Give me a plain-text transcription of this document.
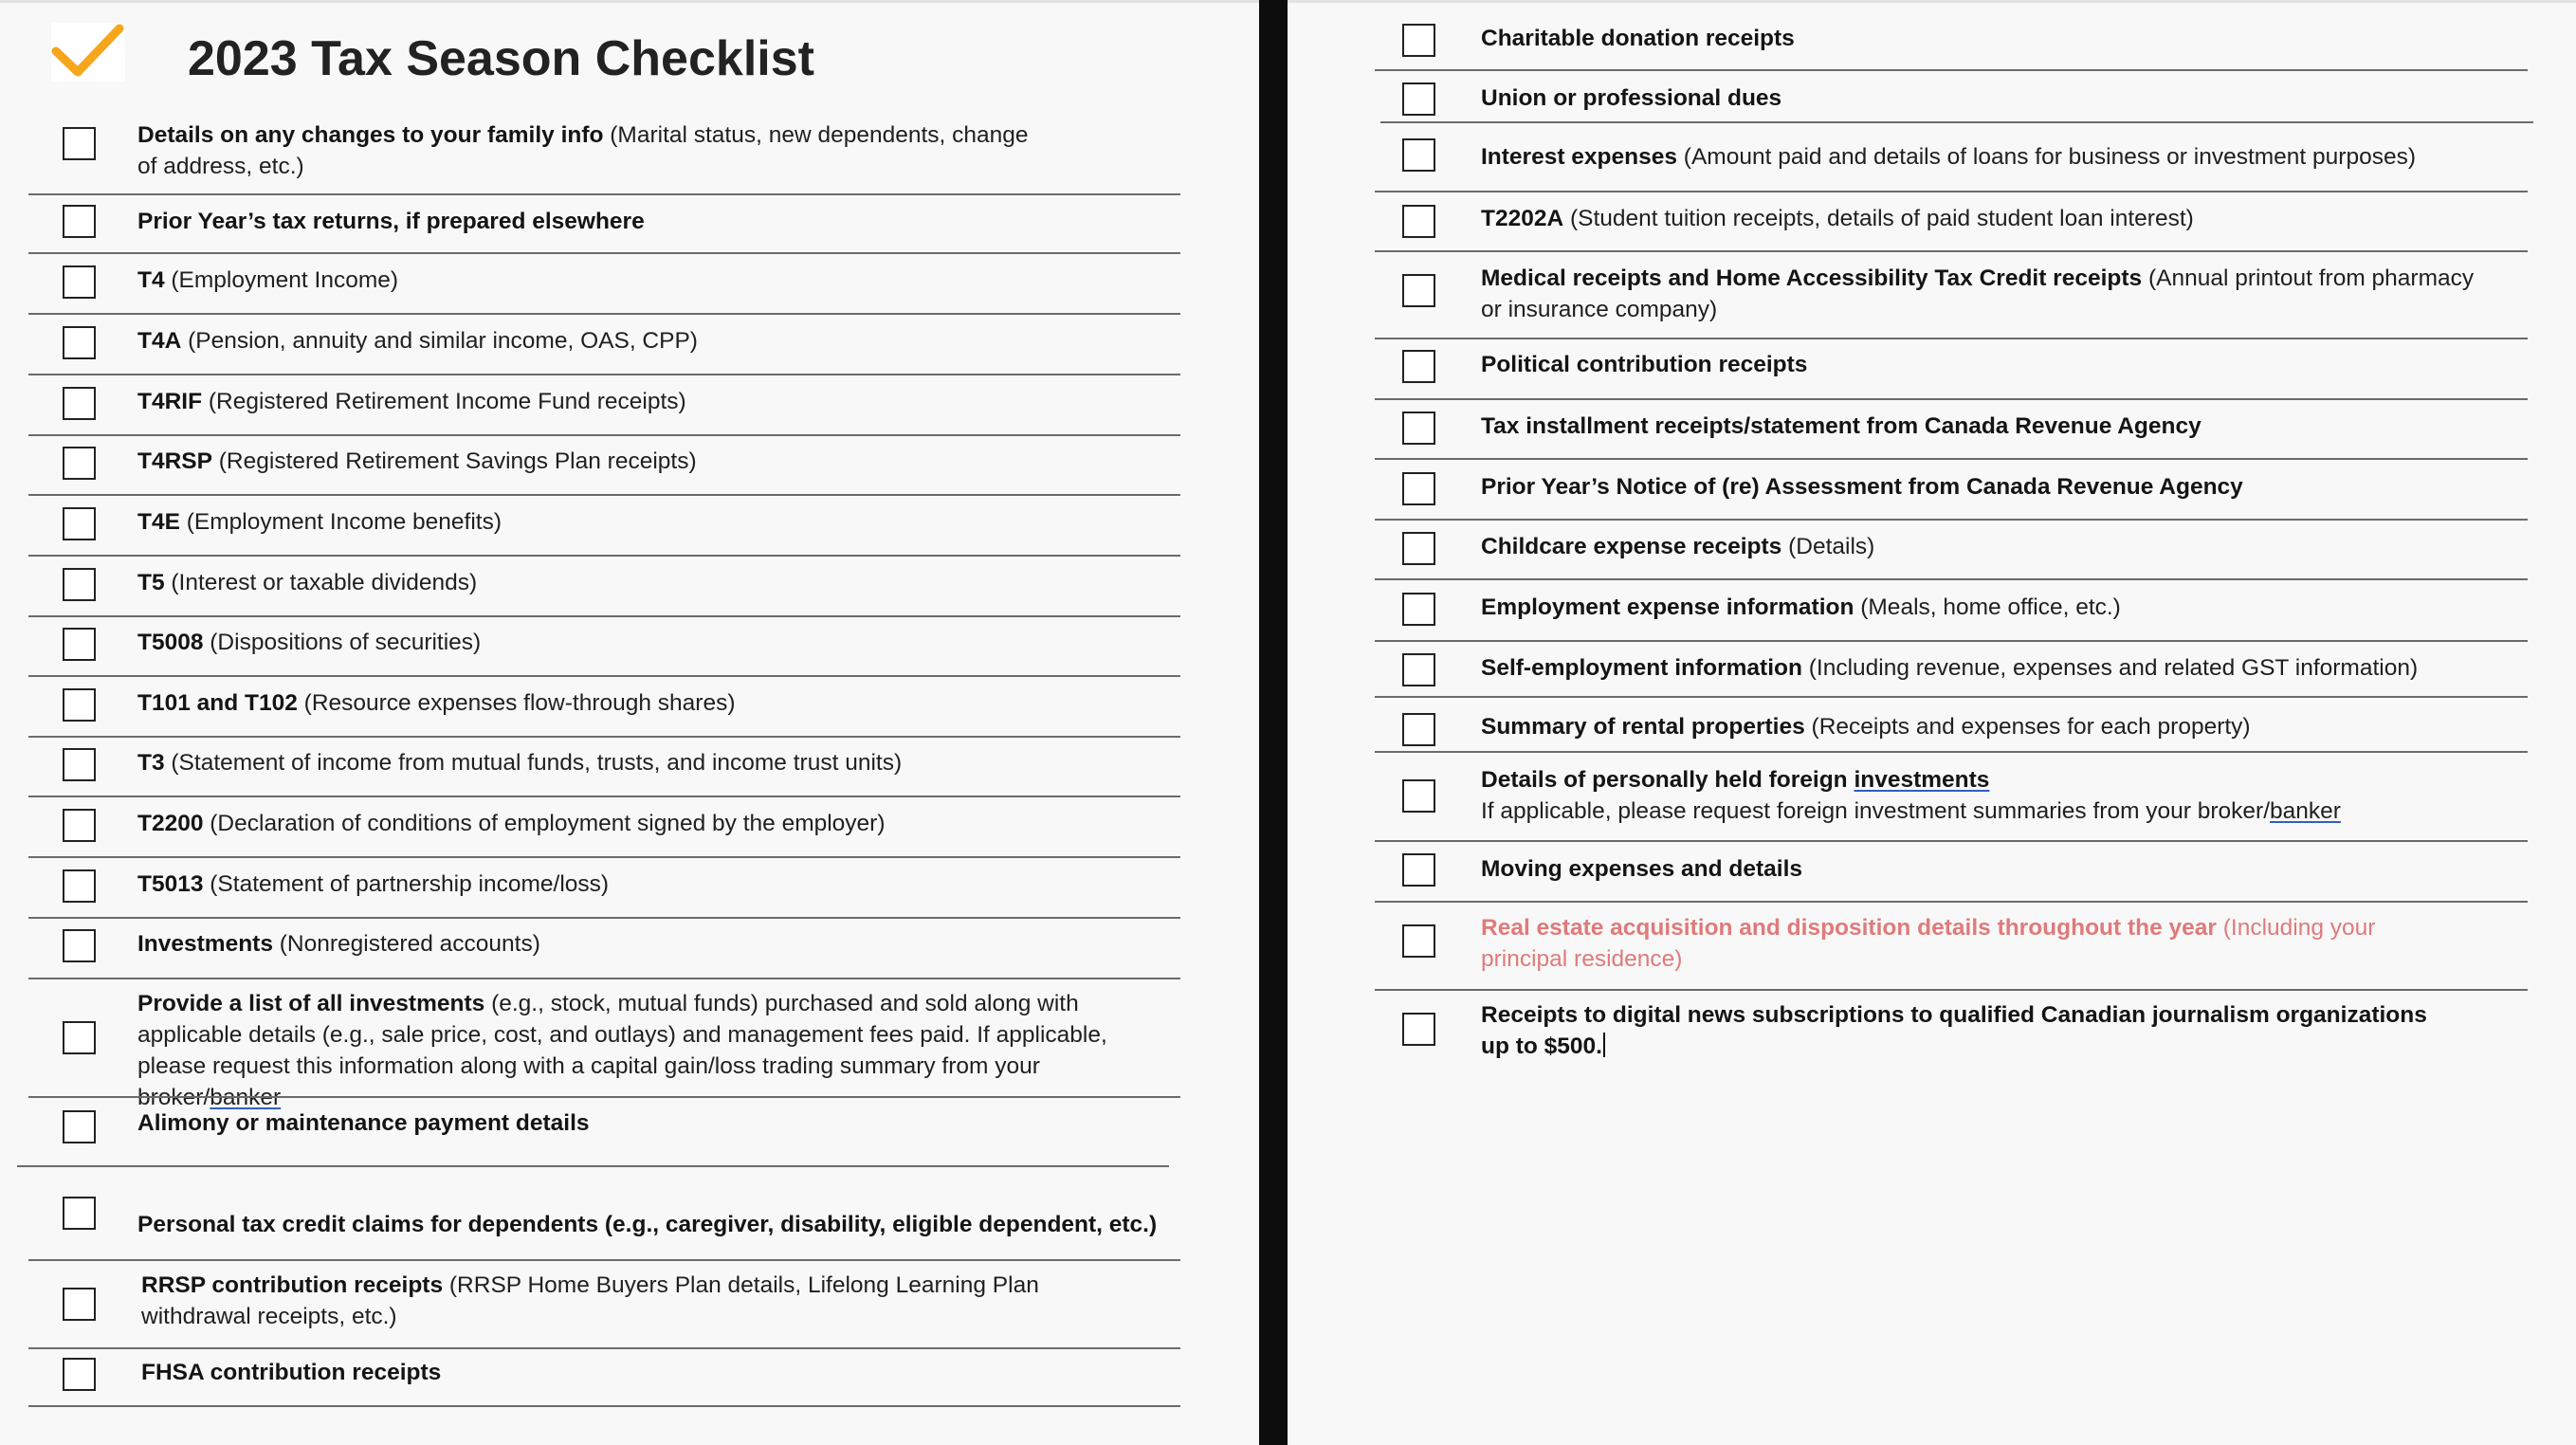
2023 Tax Season Checklist
Details on any changes to your family info (Marital status, new dependents, change of address, etc.)
Prior Year’s tax returns, if prepared elsewhere
T4 (Employment Income)
T4A (Pension, annuity and similar income, OAS, CPP)
T4RIF (Registered Retirement Income Fund receipts)
T4RSP (Registered Retirement Savings Plan receipts)
T4E (Employment Income benefits)
T5 (Interest or taxable dividends)
T5008 (Dispositions of securities)
T101 and T102 (Resource expenses flow-through shares)
T3 (Statement of income from mutual funds, trusts, and income trust units)
T2200 (Declaration of conditions of employment signed by the employer)
T5013 (Statement of partnership income/loss)
Investments (Nonregistered accounts)
Provide a list of all investments (e.g., stock, mutual funds) purchased and sold along with applicable details (e.g., sale price, cost, and outlays) and management fees paid. If applicable, please request this information along with a capital gain/loss trading summary from your broker/banker
Alimony or maintenance payment details
Personal tax credit claims for dependents (e.g., caregiver, disability, eligible dependent, etc.)
RRSP contribution receipts (RRSP Home Buyers Plan details, Lifelong Learning Plan withdrawal receipts, etc.)
FHSA contribution receipts
Charitable donation receipts
Union or professional dues
Interest expenses (Amount paid and details of loans for business or investment purposes)
T2202A (Student tuition receipts, details of paid student loan interest)
Medical receipts and Home Accessibility Tax Credit receipts (Annual printout from pharmacy or insurance company)
Political contribution receipts
Tax installment receipts/statement from Canada Revenue Agency
Prior Year’s Notice of (re) Assessment from Canada Revenue Agency
Childcare expense receipts (Details)
Employment expense information (Meals, home office, etc.)
Self-employment information (Including revenue, expenses and related GST information)
Summary of rental properties (Receipts and expenses for each property)
Details of personally held foreign investments
If applicable, please request foreign investment summaries from your broker/banker
Moving expenses and details
Real estate acquisition and disposition details throughout the year (Including your principal residence)
Receipts to digital news subscriptions to qualified Canadian journalism organizations up to $500.
